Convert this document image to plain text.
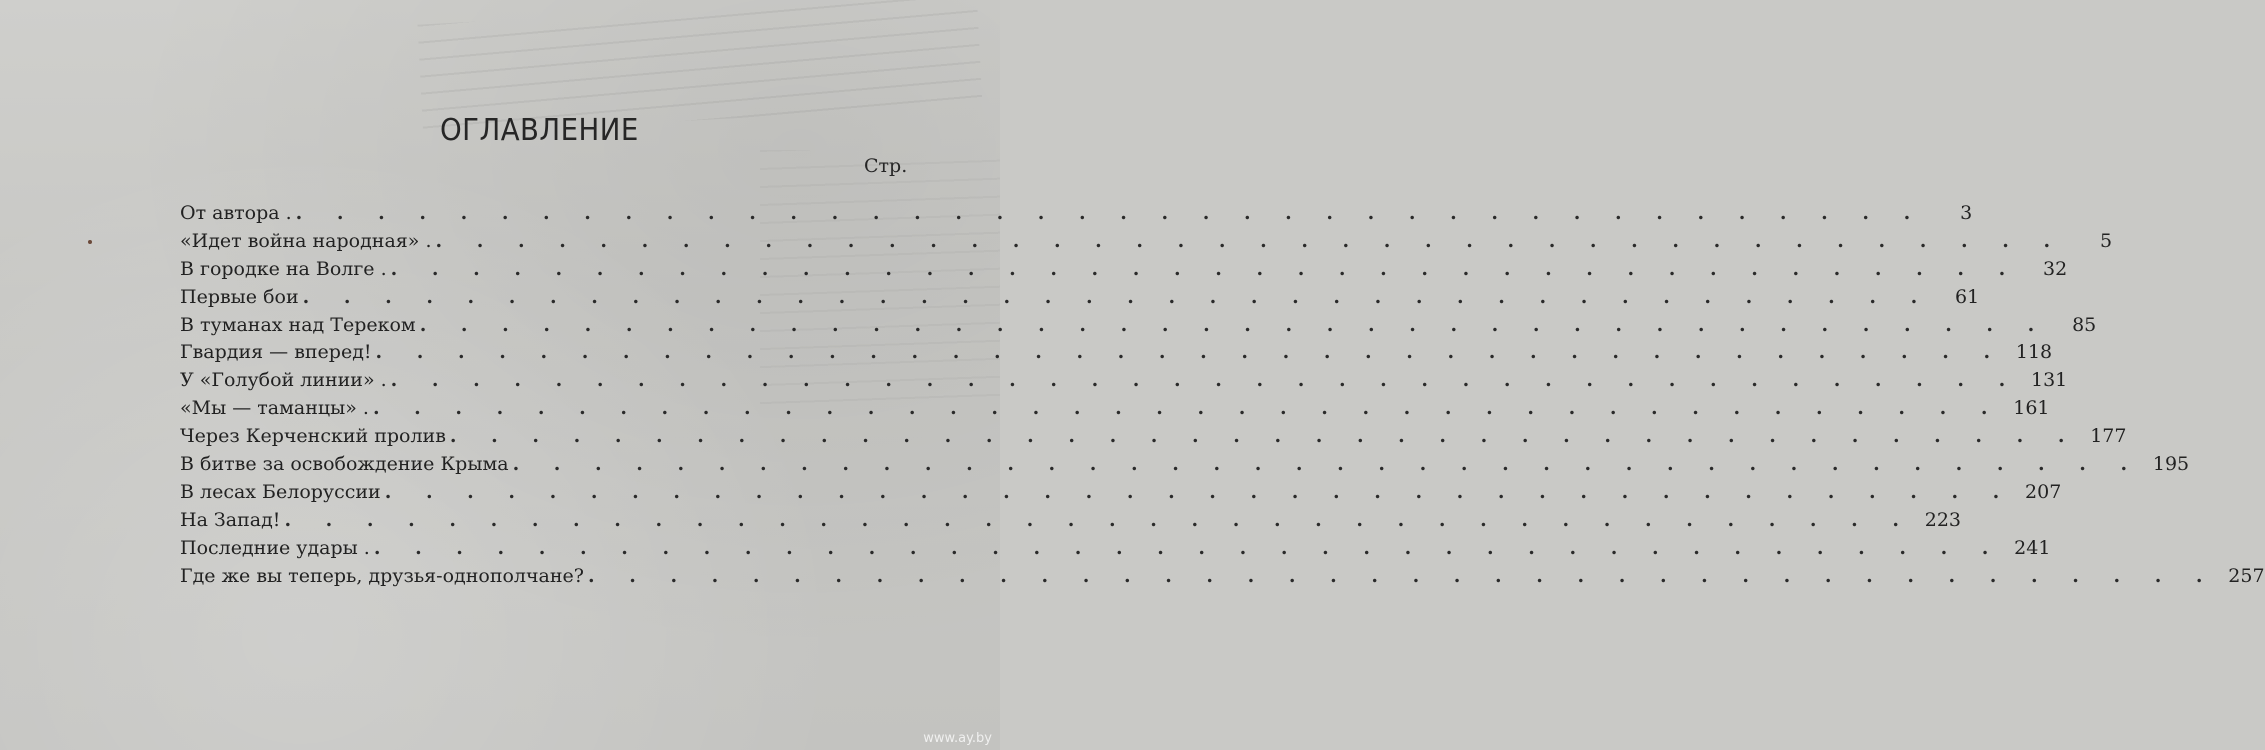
ОГЛАВЛЕНИЕ
Стр.
От автора . . . . . . . . . . . . . . . . . . . . . . . . . . . . . . . . . . . . . . . . .	3
«Идет война народная» . . . . . . . . . . . . . . . . . . . . . . . . . . . . . . . . . . . . . . . . .	5
В городке на Волге . . . . . . . . . . . . . . . . . . . . . . . . . . . . . . . . . . . . . . . . .	32
Первые бои . . . . . . . . . . . . . . . . . . . . . . . . . . . . . . . . . . . . . . . .	61
В туманах над Тереком . . . . . . . . . . . . . . . . . . . . . . . . . . . . . . . . . . . . . . . .	85
Гвардия — вперед! . . . . . . . . . . . . . . . . . . . . . . . . . . . . . . . . . . . . . . . . 118
У «Голубой линии» . . . . . . . . . . . . . . . . . . . . . . . . . . . . . . . . . . . . . . . . . 131
«Мы — таманцы» . . . . . . . . . . . . . . . . . . . . . . . . . . . . . . . . . . . . . . . . . 161
Через Керченский пролив . . . . . . . . . . . . . . . . . . . . . . . . . . . . . . . . . . . . . . . . 177
В битве за освобождение Крыма . . . . . . . . . . . . . . . . . . . . . . . . . . . . . . . . . . . . . . . . 195
В лесах Белоруссии . . . . . . . . . . . . . . . . . . . . . . . . . . . . . . . . . . . . . . . . 207
На Запад! . . . . . . . . . . . . . . . . . . . . . . . . . . . . . . . . . . . . . . . . 223
Последние удары . . . . . . . . . . . . . . . . . . . . . . . . . . . . . . . . . . . . . . . . . 241
Где же вы теперь, друзья-однополчане? . . . . . . . . . . . . . . . . . . . . . . . . . . . . . . . . . . . . . . . . 257
www.ay.by
